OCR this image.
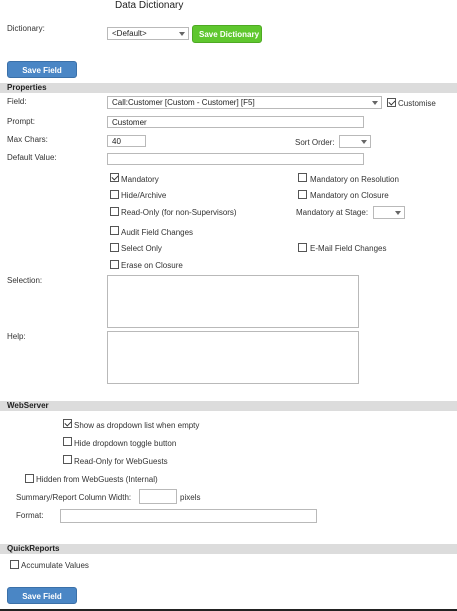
Data Dictionary
Dictionary:
<Default>	Save Dictionary
Save Field
Properties
Field:	Call:Customer [Custom - Customer] [F5]	Customise
Prompt:
Customer
Max Chars:
40	Sort Order:
Default Value:
Mandatory	Mandatory on Resolution
Hide/Archive	Mandatory on Closure
Read-Only (for non-Supervisors)	Mandatory at Stage:
Audit Field Changes
Select Only	E-Mail Field Changes
Erase on Closure
Selection:
Help:
WebServer
Show as dropdown list when empty
Hide dropdown toggle button
Read-Only for WebGuests
Hidden from WebGuests (Internal)
Summary/Report Column Width:	pixels
Format:
QuickReports
Accumulate Values
Save Field
